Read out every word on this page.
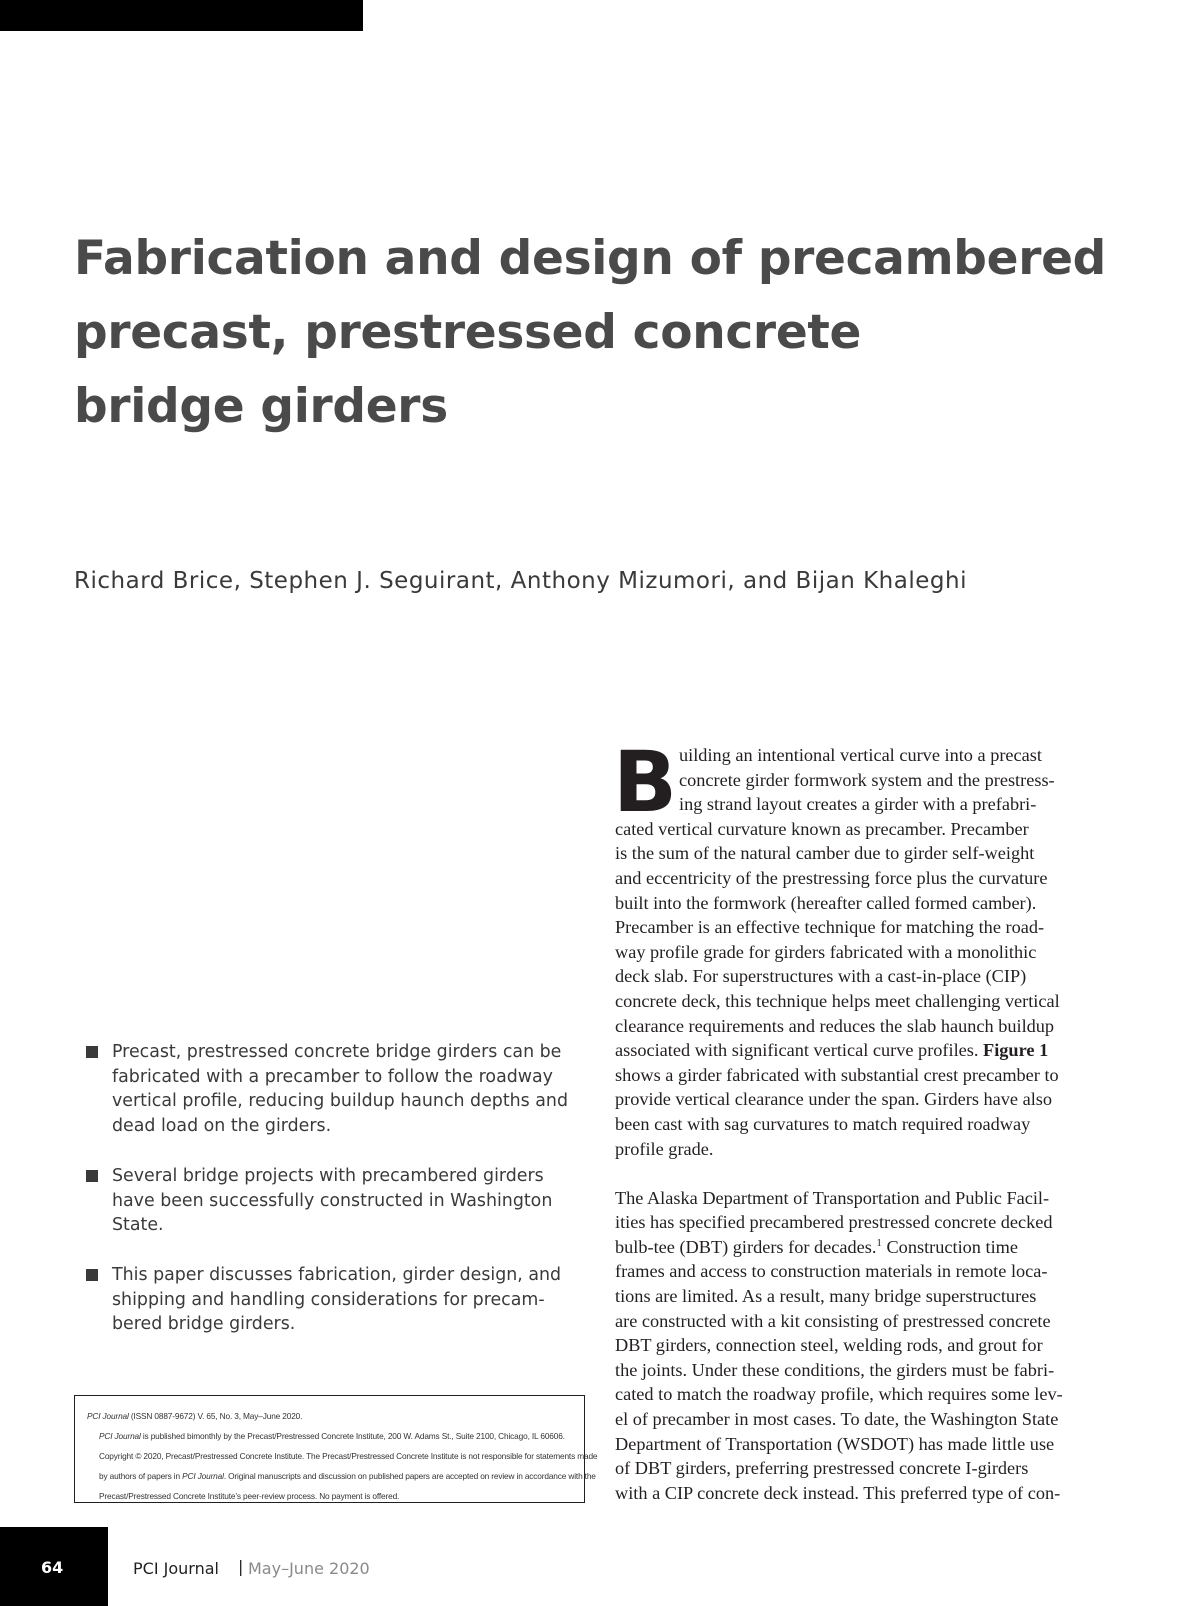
Fabrication and design of precambered
precast, prestressed concrete
bridge girders

Richard Brice, Stephen J. Seguirant, Anthony Mizumori, and Bijan Khaleghi

Precast, prestressed concrete bridge girders can be
fabricated with a precamber to follow the roadway
vertical profile, reducing buildup haunch depths and
dead load on the girders.
Several bridge projects with precambered girders
have been successfully constructed in Washington
State.
This paper discusses fabrication, girder design, and
shipping and handling considerations for precam-
bered bridge girders.
PCI Journal (ISSN 0887-9672) V. 65, No. 3, May–June 2020.
PCI Journal is published bimonthly by the Precast/Prestressed Concrete Institute, 200 W. Adams St., Suite 2100, Chicago, IL 60606.
Copyright © 2020, Precast/Prestressed Concrete Institute. The Precast/Prestressed Concrete Institute is not responsible for statements made
by authors of papers in PCI Journal. Original manuscripts and discussion on published papers are accepted on review in accordance with the
Precast/Prestressed Concrete Institute’s peer-review process. No payment is offered.
B uilding an intentional vertical curve into a precast
concrete girder formwork system and the prestress-
ing strand layout creates a girder with a prefabri-
cated vertical curvature known as precamber. Precamber
is the sum of the natural camber due to girder self-weight
and eccentricity of the prestressing force plus the curvature
built into the formwork (hereafter called formed camber).
Precamber is an effective technique for matching the road-
way profile grade for girders fabricated with a monolithic
deck slab. For superstructures with a cast-in-place (CIP)
concrete deck, this technique helps meet challenging vertical
clearance requirements and reduces the slab haunch buildup
associated with significant vertical curve profiles. Figure 1
shows a girder fabricated with substantial crest precamber to
provide vertical clearance under the span. Girders have also
been cast with sag curvatures to match required roadway
profile grade.
The Alaska Department of Transportation and Public Facil-
ities has specified precambered prestressed concrete decked
bulb-tee (DBT) girders for decades.$^1$ Construction time
frames and access to construction materials in remote loca-
tions are limited. As a result, many bridge superstructures
are constructed with a kit consisting of prestressed concrete
DBT girders, connection steel, welding rods, and grout for
the joints. Under these conditions, the girders must be fabri-
cated to match the roadway profile, which requires some lev-
el of precamber in most cases. To date, the Washington State
Department of Transportation (WSDOT) has made little use
of DBT girders, preferring prestressed concrete I-girders
with a CIP concrete deck instead. This preferred type of con-
64	PCI Journal | May–June 2020
